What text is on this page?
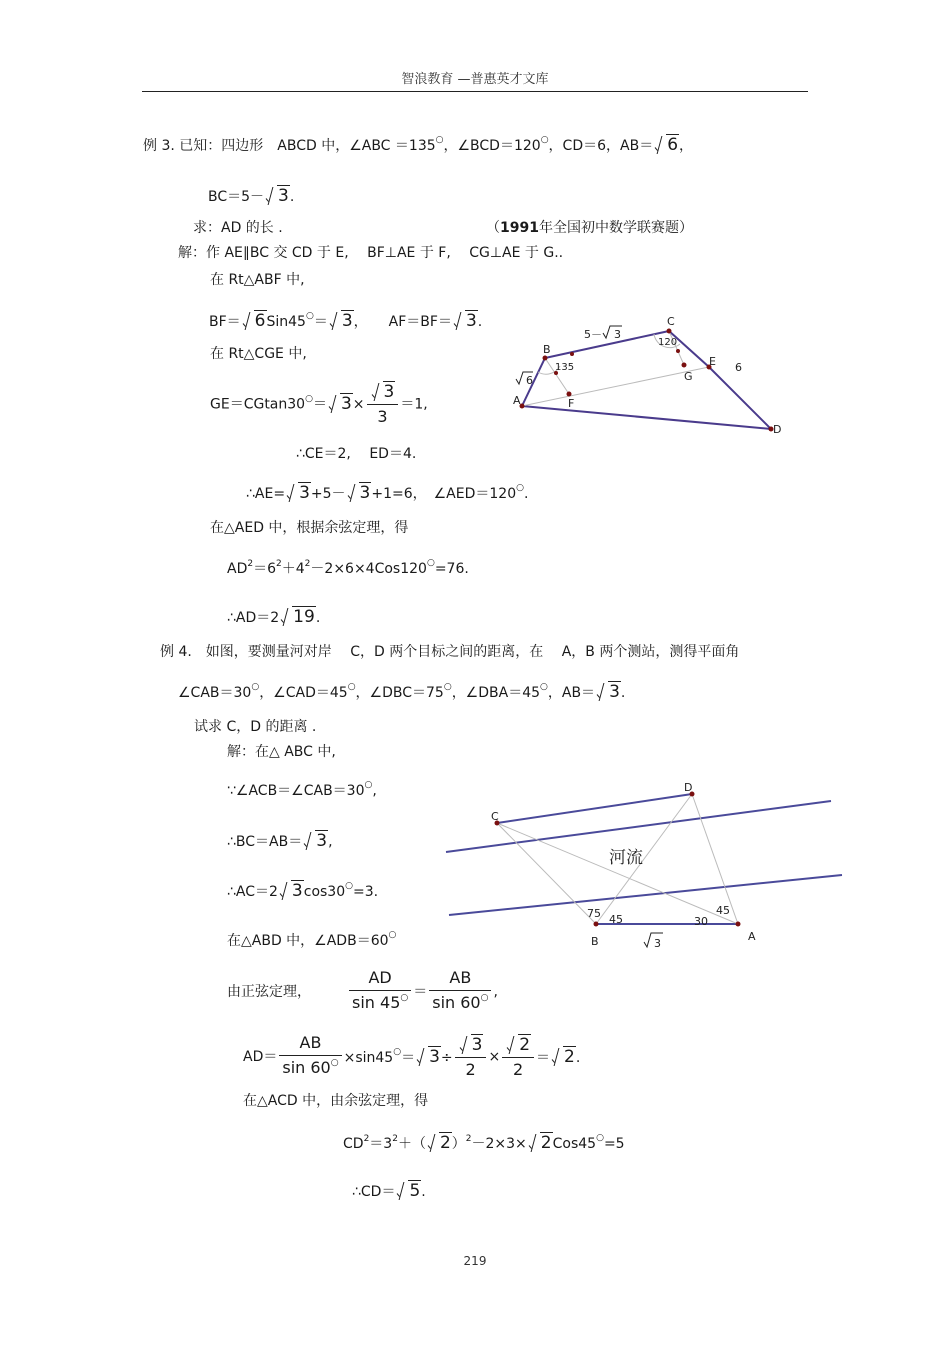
智浪教育 —普惠英才文库
例 3. 已知：四边形　ABCD 中，∠ABC ＝135○，∠BCD＝120○，CD＝6，AB＝ 6，
BC＝5－ 3.
求：AD 的长 .	（1991年全国初中数学联赛题）
解：作 AE∥BC 交 CD 于 E,　 BF⊥AE 于 F,　 CG⊥AE 于 G..
在 Rt△ABF 中,
BF＝ 6Sin45○＝ 3，　　AF＝BF＝ 3.
在 Rt△CGE 中,
$GE=CGtan30^○= 3\times \frac{3}{3} =1$,
∴CE＝2,　 ED＝4.
∴AE= 3+5－ 3+1=6，　∠AED＝120○.
在△AED 中，根据余弦定理，得
$AD^2=6^2+4^2-2\times 6\times 4Cos120^○=76$.
∴AD＝2 19.
A
B
C
D
E
F
G
135
120
6
5－ 3
6
例 4.　如图，要测量河对岸　 C，D 两个目标之间的距离，在　 A，B 两个测站，测得平面角
∠CAB＝30○，∠CAD＝45○，∠DBC＝75○，∠DBA＝45○，AB＝ 3.
试求 C，D 的距离 .
解：在△ ABC 中,
∵∠ACB＝∠CAB＝30○,
∴BC＝AB＝ 3,
∴AC＝2 3cos30○=3.
在△ABD 中，∠ADB＝60○
由正弦定理， $\frac{AD}{\sin 45^○} = \frac{AB}{\sin 60^○}$ ,
$AD= \frac{AB}{\sin 60^○} \times\sin 45^○= 3\div \frac{3}{2} \times \frac{2}{2} = 2$.
在△ACD 中，由余弦定理，得
$CD^2=3^2+$（ 2）$^2$－2×3× 2Cos45○=5
∴CD＝ 5.
C
D
B	A
河流
75 45	30
45
3
219
